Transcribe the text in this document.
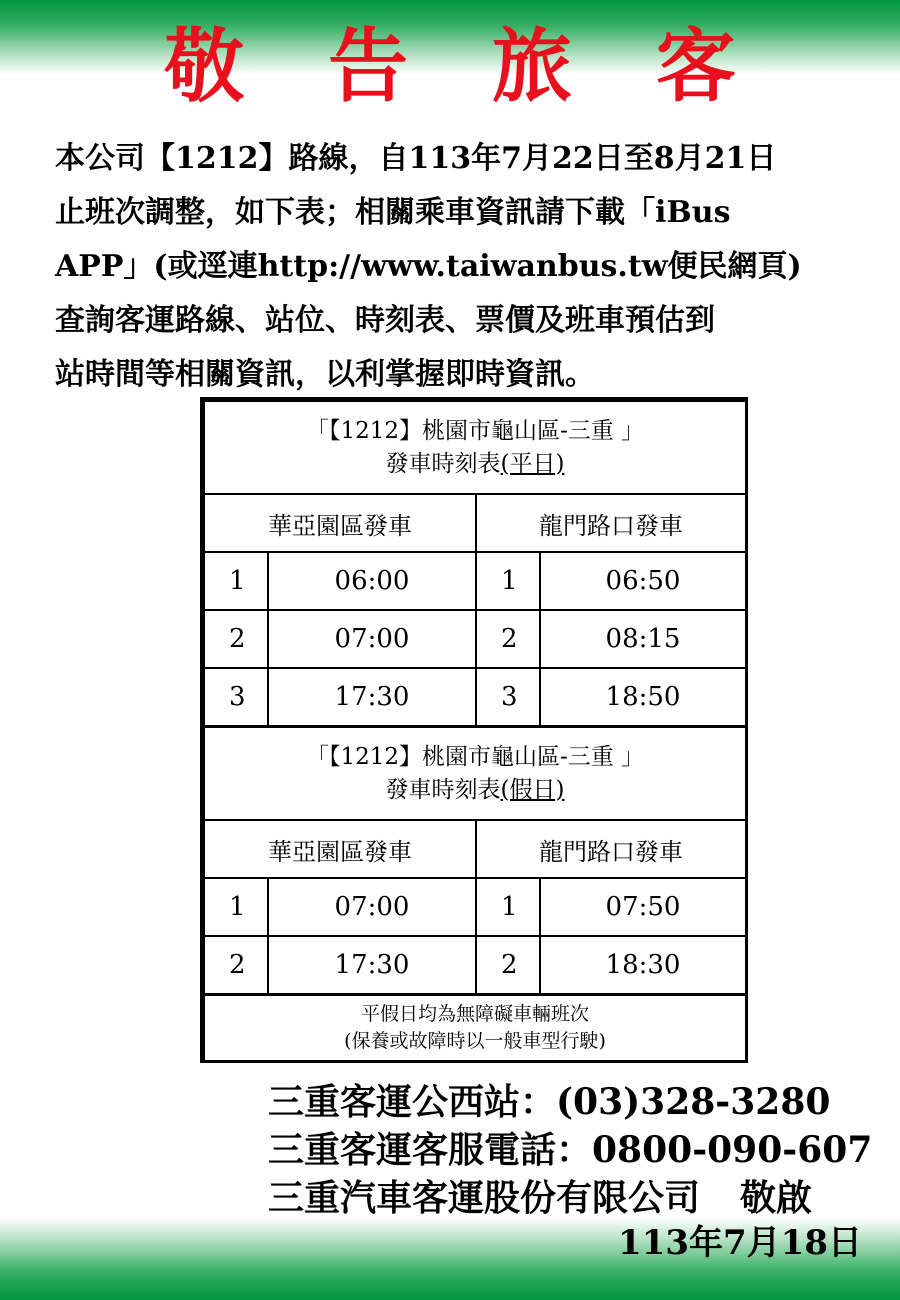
敬 告 旅 客
本公司【1212】路線，自113年7月22日至8月21日
止班次調整，如下表；相關乘車資訊請下載「iBus
APP」(或逕連http://www.taiwanbus.tw便民網頁)
查詢客運路線、站位、時刻表、票價及班車預估到
站時間等相關資訊，以利掌握即時資訊。
「【1212】桃園市龜山區-三重 」
發車時刻表(平日)			

華亞園區發車		龍門路口發車	
1	06:00	1	06:50
2	07:00	2	08:15
3	17:30	3	18:50

「【1212】桃園市龜山區-三重 」
發車時刻表(假日)			

華亞園區發車		龍門路口發車	
1	07:00	1	07:50
2	17:30	2	18:30

平假日均為無障礙車輛班次
(保養或故障時以一般車型行駛)			
三重客運公西站：(03)328-3280
三重客運客服電話：0800-090-607
三重汽車客運股份有限公司 敬啟
113年7月18日
